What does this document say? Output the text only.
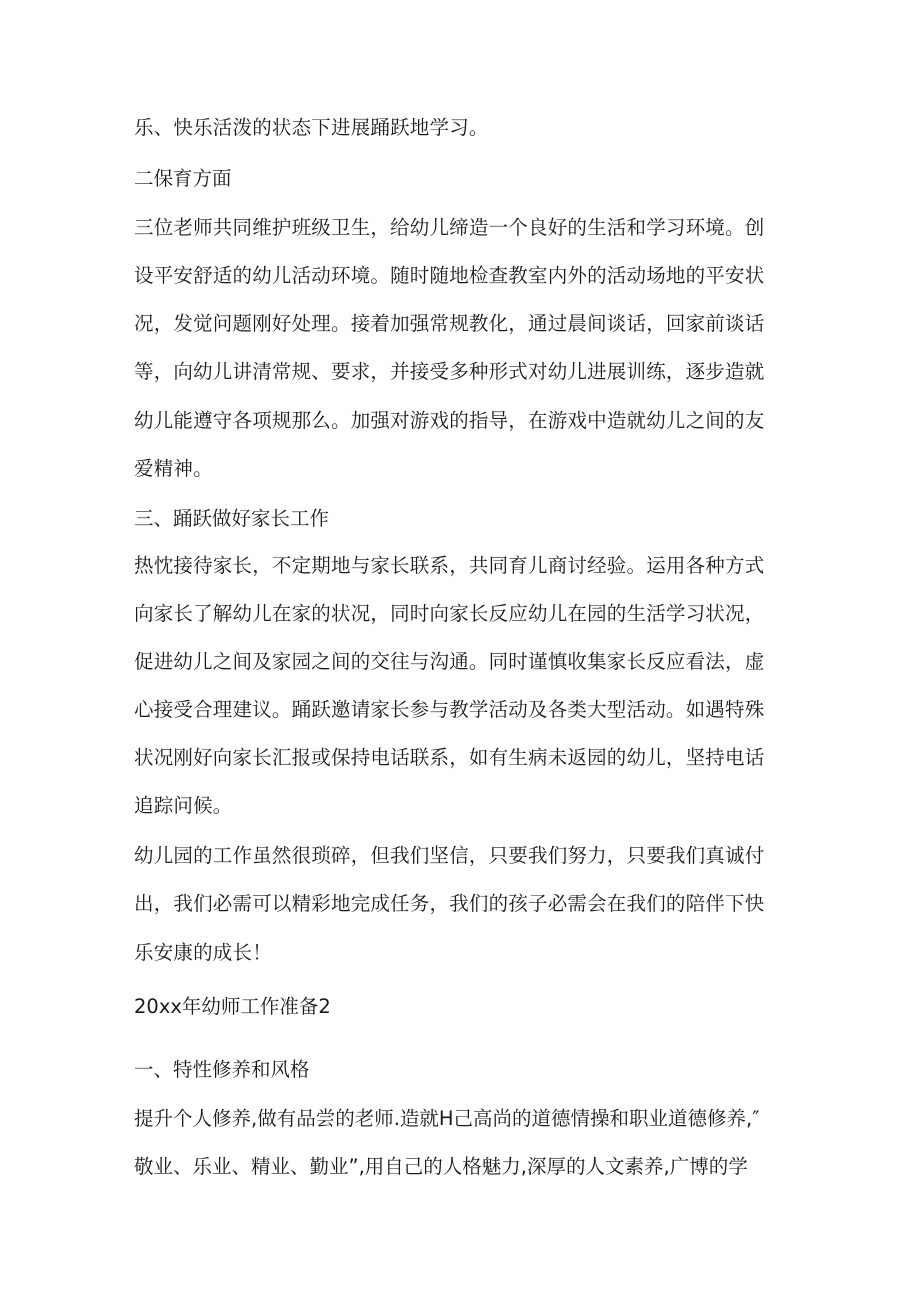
乐、快乐活泼的状态下进展踊跃地学习。
二保育方面
三位老师共同维护班级卫生，给幼儿缔造一个良好的生活和学习环境。创
设平安舒适的幼儿活动环境。随时随地检查教室内外的活动场地的平安状
况，发觉问题刚好处理。接着加强常规教化，通过晨间谈话，回家前谈话
等，向幼儿讲清常规、要求，并接受多种形式对幼儿进展训练，逐步造就
幼儿能遵守各项规那么。加强对游戏的指导，在游戏中造就幼儿之间的友
爱精神。
三、踊跃做好家长工作
热忱接待家长，不定期地与家长联系，共同育儿商讨经验。运用各种方式
向家长了解幼儿在家的状况，同时向家长反应幼儿在园的生活学习状况，
促进幼儿之间及家园之间的交往与沟通。同时谨慎收集家长反应看法，虚
心接受合理建议。踊跃邀请家长参与教学活动及各类大型活动。如遇特殊
状况刚好向家长汇报或保持电话联系，如有生病未返园的幼儿，坚持电话
追踪问候。
幼儿园的工作虽然很琐碎，但我们坚信，只要我们努力，只要我们真诚付
出，我们必需可以精彩地完成任务，我们的孩子必需会在我们的陪伴下快
乐安康的成长！
20xx年幼师工作准备2
一、特性修养和风格
提升个人修养,做有品尝的老师.造就H己高尚的道德情操和职业道德修养,″
敬业、乐业、精业、勤业”,用自己的人格魅力,深厚的人文素养,广博的学
